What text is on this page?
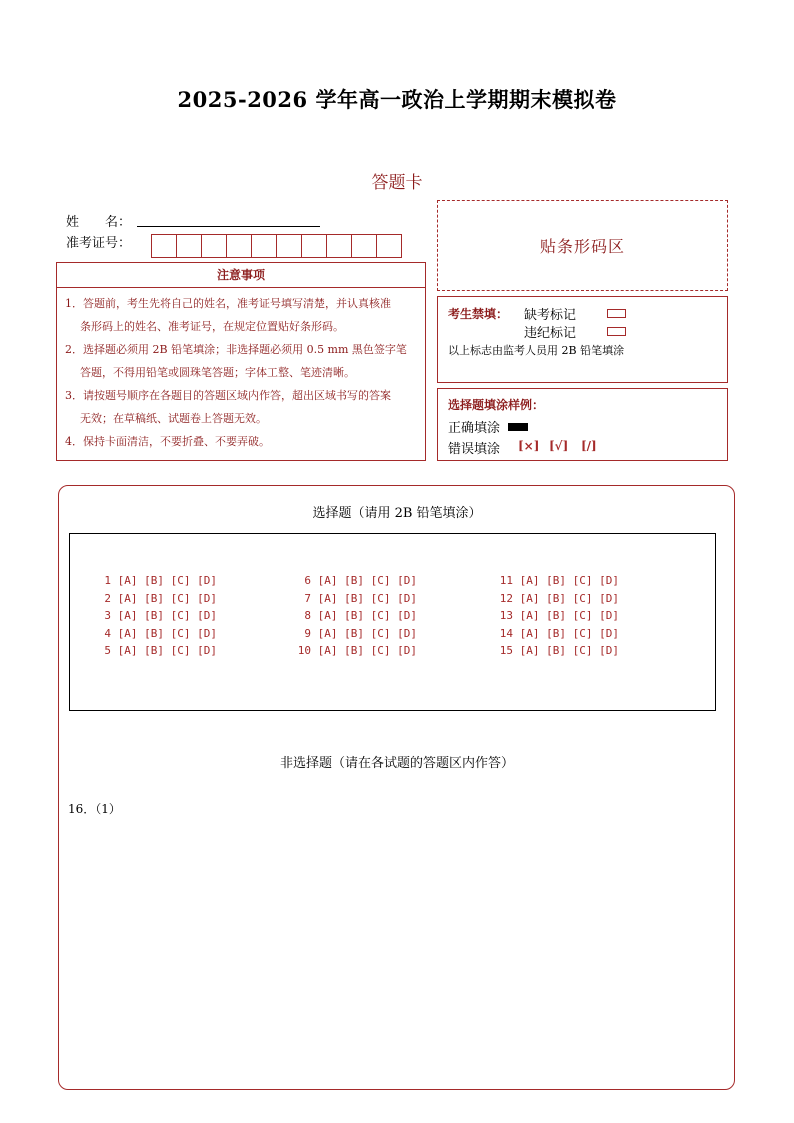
2025-2026 学年高一政治上学期期末模拟卷
答题卡
姓　　名：
准考证号：	贴条形码区
注意事项
1．答题前，考生先将自己的姓名，准考证号填写清楚，并认真核准
条形码上的姓名、准考证号，在规定位置贴好条形码。
2．选择题必须用 2B 铅笔填涂；非选择题必须用 0.5 mm 黑色签字笔
答题，不得用铅笔或圆珠笔答题；字体工整、笔迹清晰。
3．请按题号顺序在各题目的答题区域内作答，超出区域书写的答案
无效；在草稿纸、试题卷上答题无效。
4．保持卡面清洁，不要折叠、不要弄破。
考生禁填： 缺考标记
违纪标记
以上标志由监考人员用 2B 铅笔填涂
选择题填涂样例：
正确填涂
错误填涂 [×] [√] [/]
选择题（请用 2B 铅笔填涂）
1 [A] [B] [C] [D]
2 [A] [B] [C] [D]
3 [A] [B] [C] [D]
4 [A] [B] [C] [D]
5 [A] [B] [C] [D]
6 [A] [B] [C] [D]
7 [A] [B] [C] [D]
8 [A] [B] [C] [D]
9 [A] [B] [C] [D]
10 [A] [B] [C] [D]
11 [A] [B] [C] [D]
12 [A] [B] [C] [D]
13 [A] [B] [C] [D]
14 [A] [B] [C] [D]
15 [A] [B] [C] [D]
非选择题（请在各试题的答题区内作答）
16．（1）
